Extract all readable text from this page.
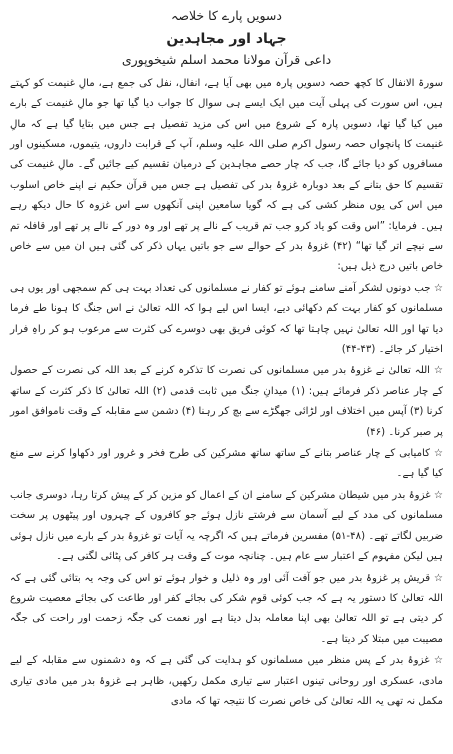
دسویں پارے کا خلاصہ
جہاد اور مجاہدین
داعی قرآن مولانا محمد اسلم شیخوپوری

سورۃ الانفال کا کچھ حصہ دسویں پارہ میں بھی آیا ہے، انفال، نفل کی جمع ہے، مالِ غنیمت کو کہتے ہیں، اس سورت کی پہلی آیت میں ایک ایسے ہی سوال کا جواب دیا گیا تھا جو مالِ غنیمت کے بارے میں کیا گیا تھا، دسویں پارہ کے شروع میں اس کی مزید تفصیل ہے جس میں بتایا گیا ہے کہ مالِ غنیمت کا پانچواں حصہ رسول اکرم صلی اللہ علیہ وسلم، آپ کے قرابت داروں، یتیموں، مسکینوں اور مسافروں کو دیا جائے گا، جب کہ چار حصے مجاہدین کے درمیان تقسیم کیے جائیں گے۔ مالِ غنیمت کی تقسیم کا حق بتانے کے بعد دوبارہ غزوۂ بدر کی تفصیل ہے جس میں قرآن حکیم نے اپنے خاص اسلوب میں اس کی یوں منظر کشی کی ہے کہ گویا سامعین اپنی آنکھوں سے اس غزوہ کا حال دیکھ رہے ہیں۔ فرمایا: ”اس وقت کو یاد کرو جب تم قریب کے نالے پر تھے اور وہ دور کے نالے پر تھے اور قافلہ تم سے نیچے اتر گیا تھا“ (۴۲) غزوۂ بدر کے حوالے سے جو باتیں یہاں ذکر کی گئی ہیں ان میں سے خاص خاص باتیں درج ذیل ہیں:

☆ جب دونوں لشکر آمنے سامنے ہوئے تو کفار نے مسلمانوں کی تعداد بہت ہی کم سمجھی اور یوں ہی مسلمانوں کو کفار بہت کم دکھائی دیے، ایسا اس لیے ہوا کہ اللہ تعالیٰ نے اس جنگ کا ہونا طے فرما دیا تھا اور اللہ تعالیٰ نہیں چاہتا تھا کہ کوئی فریق بھی دوسرے کی کثرت سے مرعوب ہو کر راہِ فرار اختیار کر جائے۔ (۴۳-۴۴)

☆ اللہ تعالیٰ نے غزوۂ بدر میں مسلمانوں کی نصرت کا تذکرہ کرنے کے بعد اللہ کی نصرت کے حصول کے چار عناصر ذکر فرمائے ہیں: (۱) میدانِ جنگ میں ثابت قدمی (۲) اللہ تعالیٰ کا ذکر کثرت کے ساتھ کرنا (۳) آپس میں اختلاف اور لڑائی جھگڑے سے بچ کر رہنا (۴) دشمن سے مقابلہ کے وقت ناموافق امور پر صبر کرنا۔ (۴۶)

☆ کامیابی کے چار عناصر بتانے کے ساتھ ساتھ مشرکین کی طرح فخر و غرور اور دکھاوا کرنے سے منع کیا گیا ہے۔

☆ غزوۂ بدر میں شیطان مشرکین کے سامنے ان کے اعمال کو مزین کر کے پیش کرتا رہا، دوسری جانب مسلمانوں کی مدد کے لیے آسمان سے فرشتے نازل ہوئے جو کافروں کے چہروں اور پیٹھوں پر سخت ضربیں لگاتے تھے۔ (۴۸-۵۱) مفسرین فرماتے ہیں کہ اگرچہ یہ آیات تو غزوۂ بدر کے بارے میں نازل ہوئی ہیں لیکن مفہوم کے اعتبار سے عام ہیں۔ چنانچہ موت کے وقت ہر کافر کی پٹائی لگتی ہے۔

☆ قریش پر غزوۂ بدر میں جو آفت آئی اور وہ ذلیل و خوار ہوئے تو اس کی وجہ یہ بتائی گئی ہے کہ اللہ تعالیٰ کا دستور یہ ہے کہ جب کوئی قوم شکر کی بجائے کفر اور طاعت کی بجائے معصیت شروع کر دیتی ہے تو اللہ تعالیٰ بھی اپنا معاملہ بدل دیتا ہے اور نعمت کی جگہ زحمت اور راحت کی جگہ مصیبت میں مبتلا کر دیتا ہے۔

☆ غزوۂ بدر کے پس منظر میں مسلمانوں کو ہدایت کی گئی ہے کہ وہ دشمنوں سے مقابلہ کے لیے مادی، عسکری اور روحانی تینوں اعتبار سے تیاری مکمل رکھیں، ظاہر ہے غزوۂ بدر میں مادی تیاری مکمل نہ تھی یہ اللہ تعالیٰ کی خاص نصرت کا نتیجہ تھا کہ مادی
